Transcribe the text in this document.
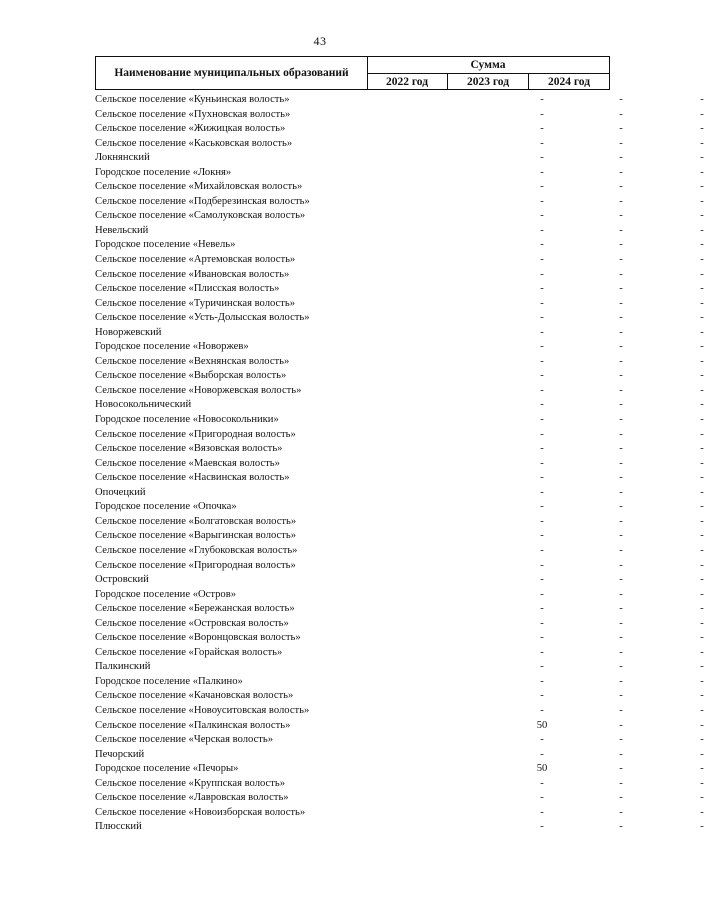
43
Наименование муниципальных образований
Сумма
2022 год	2023 год	2024 год
Сельское поселение «Куньинская волость»	-	-	-
Сельское поселение «Пухновская волость»	-	-	-
Сельское поселение «Жижицкая волость»	-	-	-
Сельское поселение «Каськовская волость»	-	-	-
Локнянский	-	-	-
Городское поселение «Локня»	-	-	-
Сельское поселение «Михайловская волость»	-	-	-
Сельское поселение «Подберезинская волость»	-	-	-
Сельское поселение «Самолуковская волость»	-	-	-
Невельский	-	-	-
Городское поселение «Невель»	-	-	-
Сельское поселение «Артемовская волость»	-	-	-
Сельское поселение «Ивановская волость»	-	-	-
Сельское поселение «Плисская волость»	-	-	-
Сельское поселение «Туричинская волость»	-	-	-
Сельское поселение «Усть-Долысская волость»	-	-	-
Новоржевский	-	-	-
Городское поселение «Новоржев»	-	-	-
Сельское поселение «Вехнянская волость»	-	-	-
Сельское поселение «Выборская волость»	-	-	-
Сельское поселение «Новоржевская волость»	-	-	-
Новосокольнический	-	-	-
Городское поселение «Новосокольники»	-	-	-
Сельское поселение «Пригородная волость»	-	-	-
Сельское поселение «Вязовская волость»	-	-	-
Сельское поселение «Маевская волость»	-	-	-
Сельское поселение «Насвинская волость»	-	-	-
Опочецкий	-	-	-
Городское поселение «Опочка»	-	-	-
Сельское поселение «Болгатовская волость»	-	-	-
Сельское поселение «Варыгинская волость»	-	-	-
Сельское поселение «Глубоковская волость»	-	-	-
Сельское поселение «Пригородная волость»	-	-	-
Островский	-	-	-
Городское поселение «Остров»	-	-	-
Сельское поселение «Бережанская волость»	-	-	-
Сельское поселение «Островская волость»	-	-	-
Сельское поселение «Воронцовская волость»	-	-	-
Сельское поселение «Горайская волость»	-	-	-
Палкинский	-	-	-
Городское поселение «Палкино»	-	-	-
Сельское поселение «Качановская волость»	-	-	-
Сельское поселение «Новоуситовская волость»	-	-	-
Сельское поселение «Палкинская волость»	50	-	-
Сельское поселение «Черская волость»	-	-	-
Печорский	-	-	-
Городское поселение «Печоры»	50	-	-
Сельское поселение «Круппская волость»	-	-	-
Сельское поселение «Лавровская волость»	-	-	-
Сельское поселение «Новоизборская волость»	-	-	-
Плюсский	-	-	-
